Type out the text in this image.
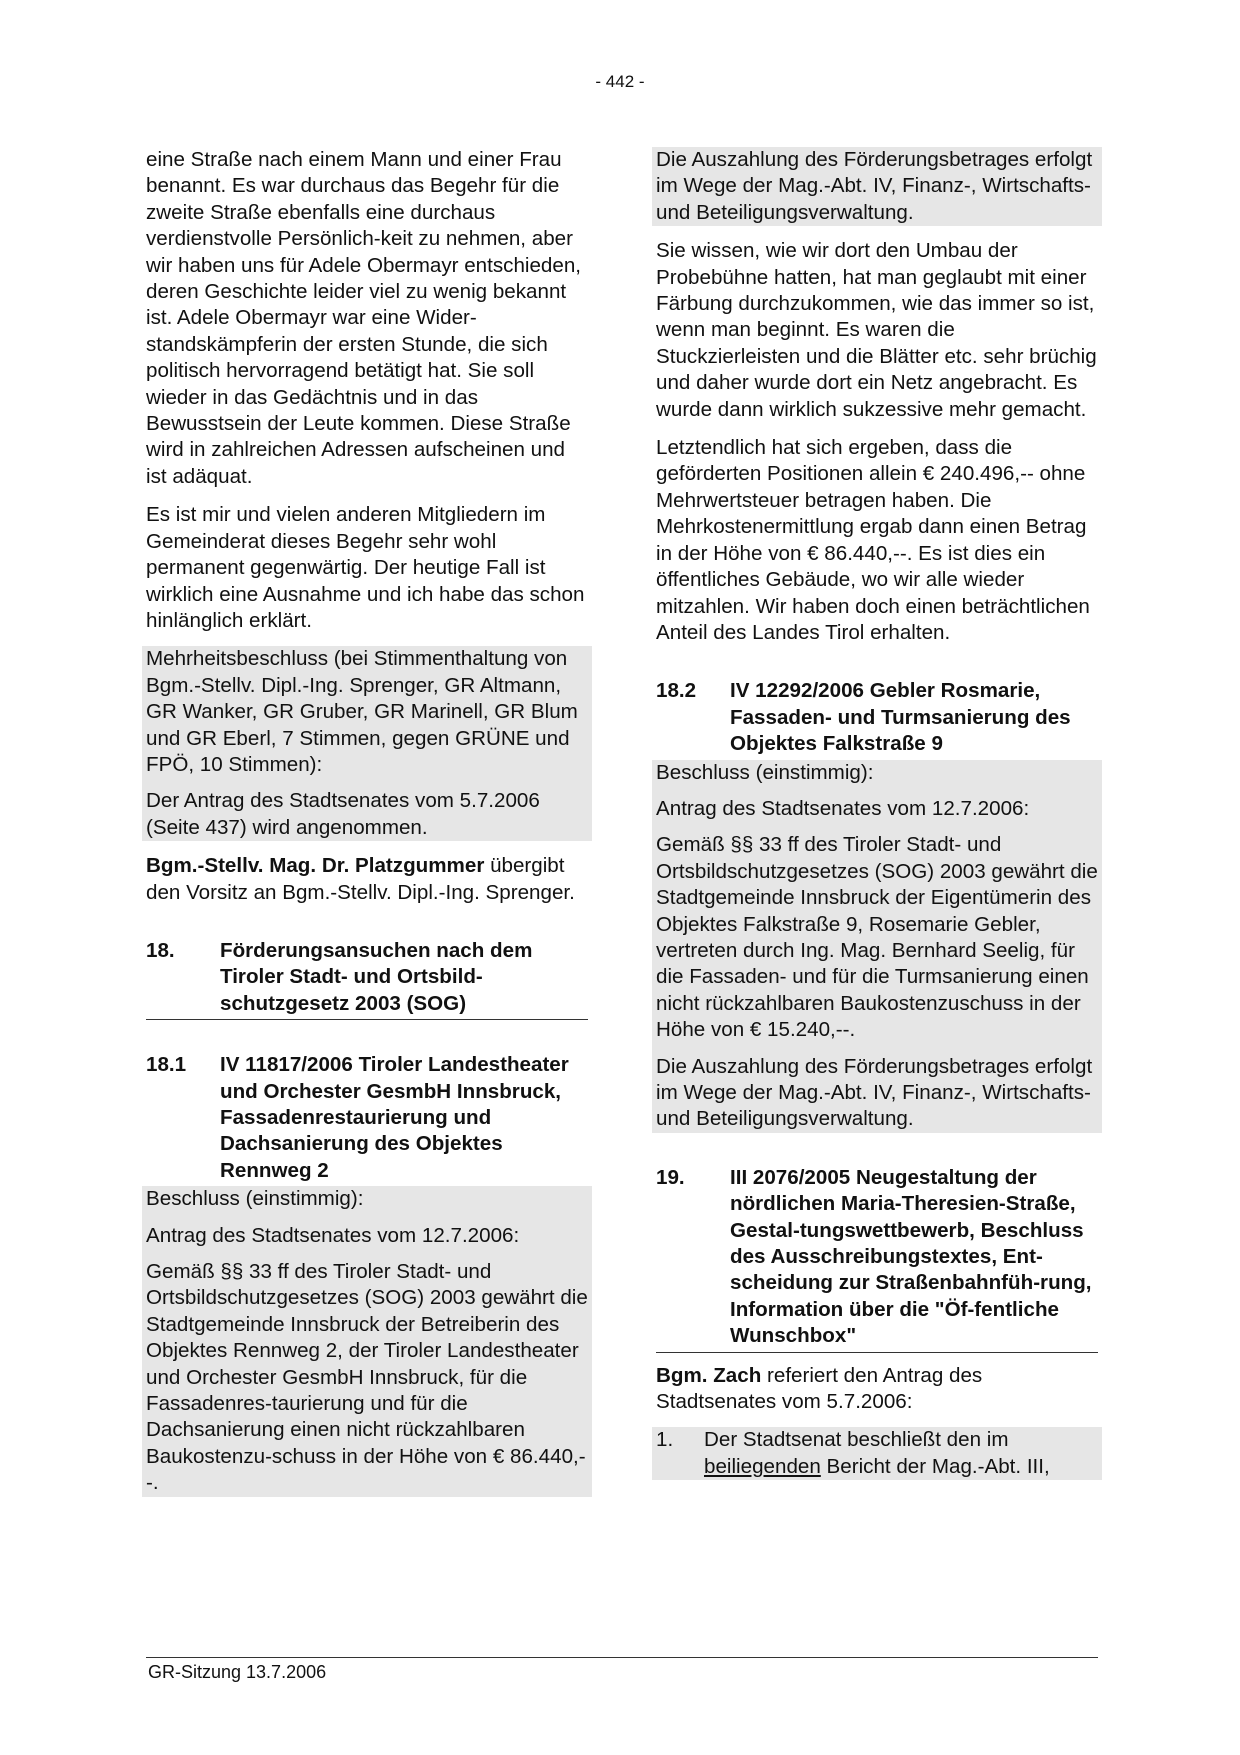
- 442 -

eine Straße nach einem Mann und einer Frau benannt. Es war durchaus das Begehr für die zweite Straße ebenfalls eine durchaus verdienstvolle Persönlich-keit zu nehmen, aber wir haben uns für Adele Obermayr entschieden, deren Geschichte leider viel zu wenig bekannt ist. Adele Obermayr war eine Wider-standskämpferin der ersten Stunde, die sich politisch hervorragend betätigt hat. Sie soll wieder in das Gedächtnis und in das Bewusstsein der Leute kommen. Diese Straße wird in zahlreichen Adressen aufscheinen und ist adäquat.

Es ist mir und vielen anderen Mitgliedern im Gemeinderat dieses Begehr sehr wohl permanent gegenwärtig. Der heutige Fall ist wirklich eine Ausnahme und ich habe das schon hinlänglich erklärt.

Mehrheitsbeschluss (bei Stimmenthaltung von Bgm.-Stellv. Dipl.-Ing. Sprenger, GR Altmann, GR Wanker, GR Gruber, GR Marinell, GR Blum und GR Eberl, 7 Stimmen, gegen GRÜNE und FPÖ, 10 Stimmen):

Der Antrag des Stadtsenates vom 5.7.2006 (Seite 437) wird angenommen.

Bgm.-Stellv. Mag. Dr. Platzgummer übergibt den Vorsitz an Bgm.-Stellv. Dipl.-Ing. Sprenger.

18.	Förderungsansuchen nach dem Tiroler Stadt- und Ortsbild-schutzgesetz 2003 (SOG)
18.1	IV 11817/2006 Tiroler Landestheater und Orchester GesmbH Innsbruck, Fassadenrestaurierung und Dachsanierung des Objektes Rennweg 2

Beschluss (einstimmig):

Antrag des Stadtsenates vom 12.7.2006:

Gemäß §§ 33 ff des Tiroler Stadt- und Ortsbildschutzgesetzes (SOG) 2003 gewährt die Stadtgemeinde Innsbruck der Betreiberin des Objektes Rennweg 2, der Tiroler Landestheater und Orchester GesmbH Innsbruck, für die Fassadenres-taurierung und für die Dachsanierung einen nicht rückzahlbaren Baukostenzu-schuss in der Höhe von € 86.440,--.

Die Auszahlung des Förderungsbetrages erfolgt im Wege der Mag.-Abt. IV, Finanz-, Wirtschafts- und Beteiligungsverwaltung.

Sie wissen, wie wir dort den Umbau der Probebühne hatten, hat man geglaubt mit einer Färbung durchzukommen, wie das immer so ist, wenn man beginnt. Es waren die Stuckzierleisten und die Blätter etc. sehr brüchig und daher wurde dort ein Netz angebracht. Es wurde dann wirklich sukzessive mehr gemacht.

Letztendlich hat sich ergeben, dass die geförderten Positionen allein € 240.496,-- ohne Mehrwertsteuer betragen haben. Die Mehrkostenermittlung ergab dann einen Betrag in der Höhe von € 86.440,--. Es ist dies ein öffentliches Gebäude, wo wir alle wieder mitzahlen. Wir haben doch einen beträchtlichen Anteil des Landes Tirol erhalten.

18.2	IV 12292/2006 Gebler Rosmarie, Fassaden- und Turmsanierung des Objektes Falkstraße 9

Beschluss (einstimmig):

Antrag des Stadtsenates vom 12.7.2006:

Gemäß §§ 33 ff des Tiroler Stadt- und Ortsbildschutzgesetzes (SOG) 2003 gewährt die Stadtgemeinde Innsbruck der Eigentümerin des Objektes Falkstraße 9, Rosemarie Gebler, vertreten durch Ing. Mag. Bernhard Seelig, für die Fassaden- und für die Turmsanierung einen nicht rückzahlbaren Baukostenzuschuss in der Höhe von € 15.240,--.

Die Auszahlung des Förderungsbetrages erfolgt im Wege der Mag.-Abt. IV, Finanz-, Wirtschafts- und Beteiligungsverwaltung.

19.	III 2076/2005 Neugestaltung der nördlichen Maria-Theresien-Straße, Gestal-tungswettbewerb, Beschluss des Ausschreibungstextes, Ent-scheidung zur Straßenbahnfüh-rung, Information über die "Öf-fentliche Wunschbox"

Bgm. Zach referiert den Antrag des Stadtsenates vom 5.7.2006:

1.	Der Stadtsenat beschließt den im beiliegenden Bericht der Mag.-Abt. III,
GR-Sitzung 13.7.2006
